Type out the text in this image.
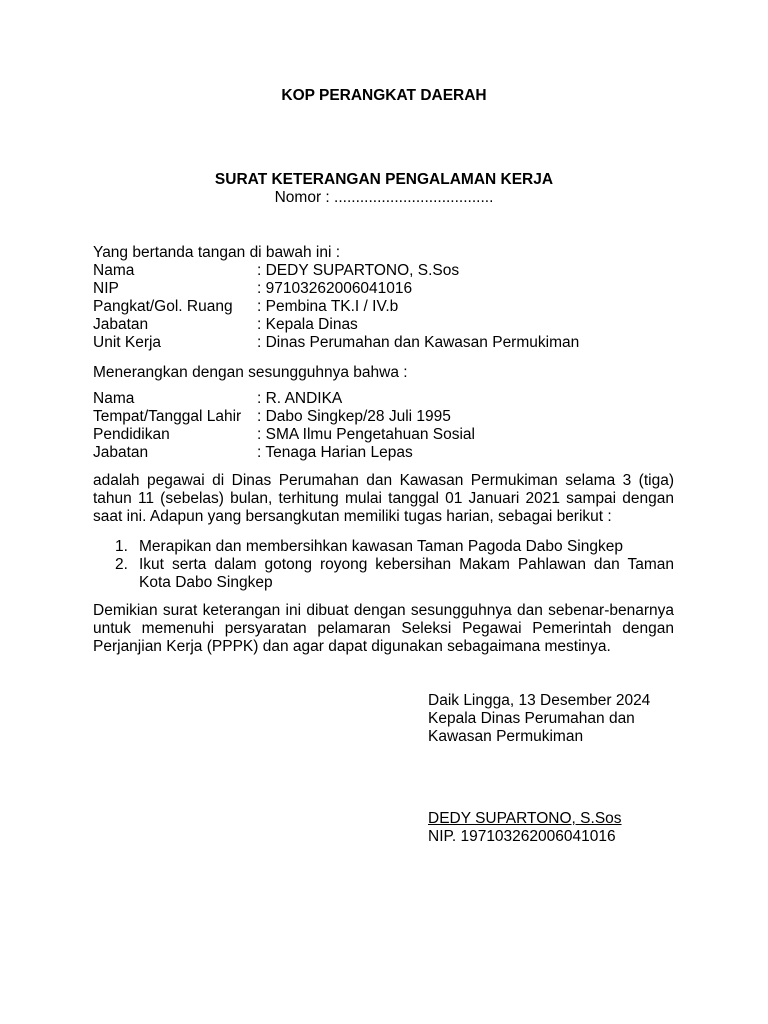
KOP PERANGKAT DAERAH
SURAT KETERANGAN PENGALAMAN KERJA
Nomor : .....................................
Yang bertanda tangan di bawah ini :
Nama	: DEDY SUPARTONO, S.Sos
NIP	: 97103262006041016
Pangkat/Gol. Ruang : Pembina TK.I / IV.b
Jabatan	: Kepala Dinas
Unit Kerja	: Dinas Perumahan dan Kawasan Permukiman
Menerangkan dengan sesungguhnya bahwa :
Nama	: R. ANDIKA
Tempat/Tanggal Lahir : Dabo Singkep/28 Juli 1995
Pendidikan	: SMA Ilmu Pengetahuan Sosial
Jabatan	: Tenaga Harian Lepas
adalah pegawai di Dinas Perumahan dan Kawasan Permukiman selama 3 (tiga) tahun 11 (sebelas) bulan, terhitung mulai tanggal 01 Januari 2021 sampai dengan saat ini. Adapun yang bersangkutan memiliki tugas harian, sebagai berikut :
1. Merapikan dan membersihkan kawasan Taman Pagoda Dabo Singkep
2. Ikut serta dalam gotong royong kebersihan Makam Pahlawan dan Taman Kota Dabo Singkep
Demikian surat keterangan ini dibuat dengan sesungguhnya dan sebenar-benarnya untuk memenuhi persyaratan pelamaran Seleksi Pegawai Pemerintah dengan Perjanjian Kerja (PPPK) dan agar dapat digunakan sebagaimana mestinya.
Daik Lingga, 13 Desember 2024
Kepala Dinas Perumahan dan
Kawasan Permukiman
DEDY SUPARTONO, S.Sos
NIP. 197103262006041016
